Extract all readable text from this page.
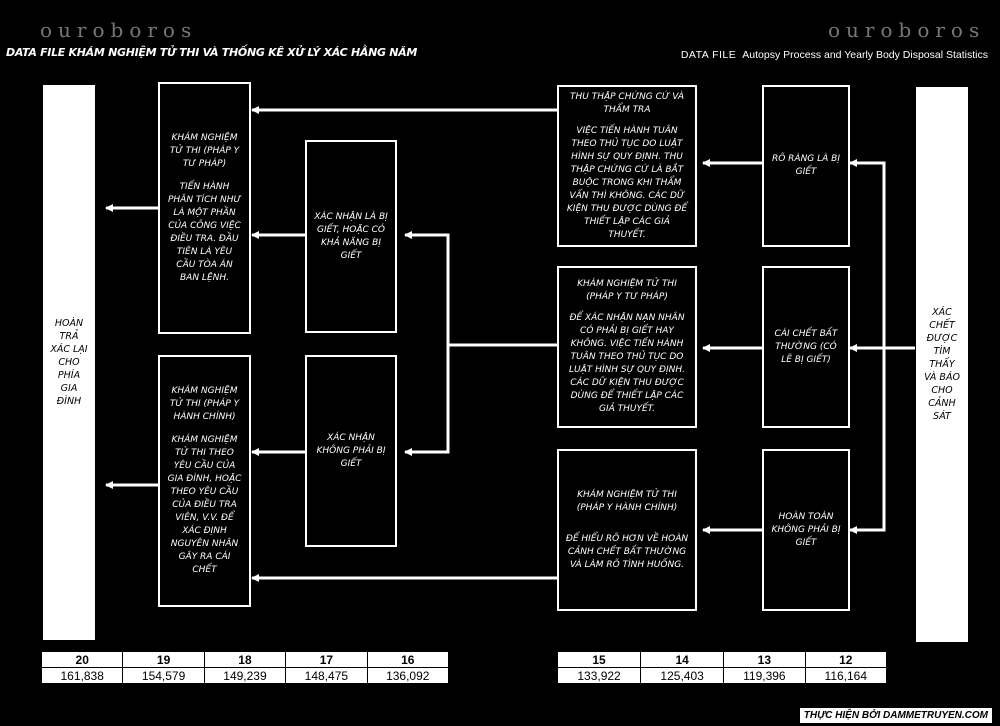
ouroboros	ouroboros
DATA FILE KHÁM NGHIỆM TỬ THI VÀ THỐNG KÊ XỬ LÝ XÁC HẰNG NĂM	DATA FILE Autopsy Process and Yearly Body Disposal Statistics
HOÀN TRẢ XÁC LẠI CHO PHÍA GIA ĐÌNH
XÁC CHẾT ĐƯỢC TÌM THẤY VÀ BÁO CHO CẢNH SÁT
KHÁM NGHIỆM TỬ THI (PHÁP Y TƯ PHÁP)
TIẾN HÀNH PHÂN TÍCH NHƯ LÀ MỘT PHẦN CỦA CÔNG VIỆC ĐIỀU TRA. ĐẦU TIÊN LÀ YÊU CẦU TÒA ÁN BAN LỆNH.
KHÁM NGHIỆM TỬ THI (PHÁP Y HÀNH CHÍNH)
KHÁM NGHIỆM TỬ THI THEO YÊU CẦU CỦA GIA ĐÌNH, HOẶC THEO YÊU CẦU CỦA ĐIỀU TRA VIÊN, V.V. ĐỂ XÁC ĐỊNH NGUYÊN NHÂN GÂY RA CÁI CHẾT
XÁC NHẬN LÀ BỊ GIẾT, HOẶC CÓ KHẢ NĂNG BỊ GIẾT
XÁC NHẬN KHÔNG PHẢI BỊ GIẾT
THU THẬP CHỨNG CỨ VÀ THẨM TRA
VIỆC TIẾN HÀNH TUÂN THEO THỦ TỤC DO LUẬT HÌNH SỰ QUY ĐỊNH. THU THẬP CHỨNG CỨ LÀ BẮT BUỘC TRONG KHI THẨM VẤN THÌ KHÔNG. CÁC DỮ KIỆN THU ĐƯỢC DÙNG ĐỂ THIẾT LẬP CÁC GIẢ THUYẾT.
KHÁM NGHIỆM TỬ THI (PHÁP Y TƯ PHÁP)
ĐỂ XÁC NHẬN NẠN NHÂN CÓ PHẢI BỊ GIẾT HAY KHÔNG. VIỆC TIẾN HÀNH TUÂN THEO THỦ TỤC DO LUẬT HÌNH SỰ QUY ĐỊNH. CÁC DỮ KIỆN THU ĐƯỢC DÙNG ĐỂ THIẾT LẬP CÁC GIẢ THUYẾT.
KHÁM NGHIỆM TỬ THI (PHÁP Y HÀNH CHÍNH)
ĐỂ HIỂU RÕ HƠN VỀ HOÀN CẢNH CHẾT BẤT THƯỜNG VÀ LÀM RÕ TÌNH HUỐNG.
RÕ RÀNG LÀ BỊ GIẾT
CÁI CHẾT BẤT THƯỜNG (CÓ LẼ BỊ GIẾT)
HOÀN TOÀN KHÔNG PHẢI BỊ GIẾT
20	19	18	17	16
161,838	154,579	149,239	148,475	136,092
15	14	13	12
133,922	125,403	119,396	116,164
THỰC HIỆN BỞI DAMMETRUYEN.COM
